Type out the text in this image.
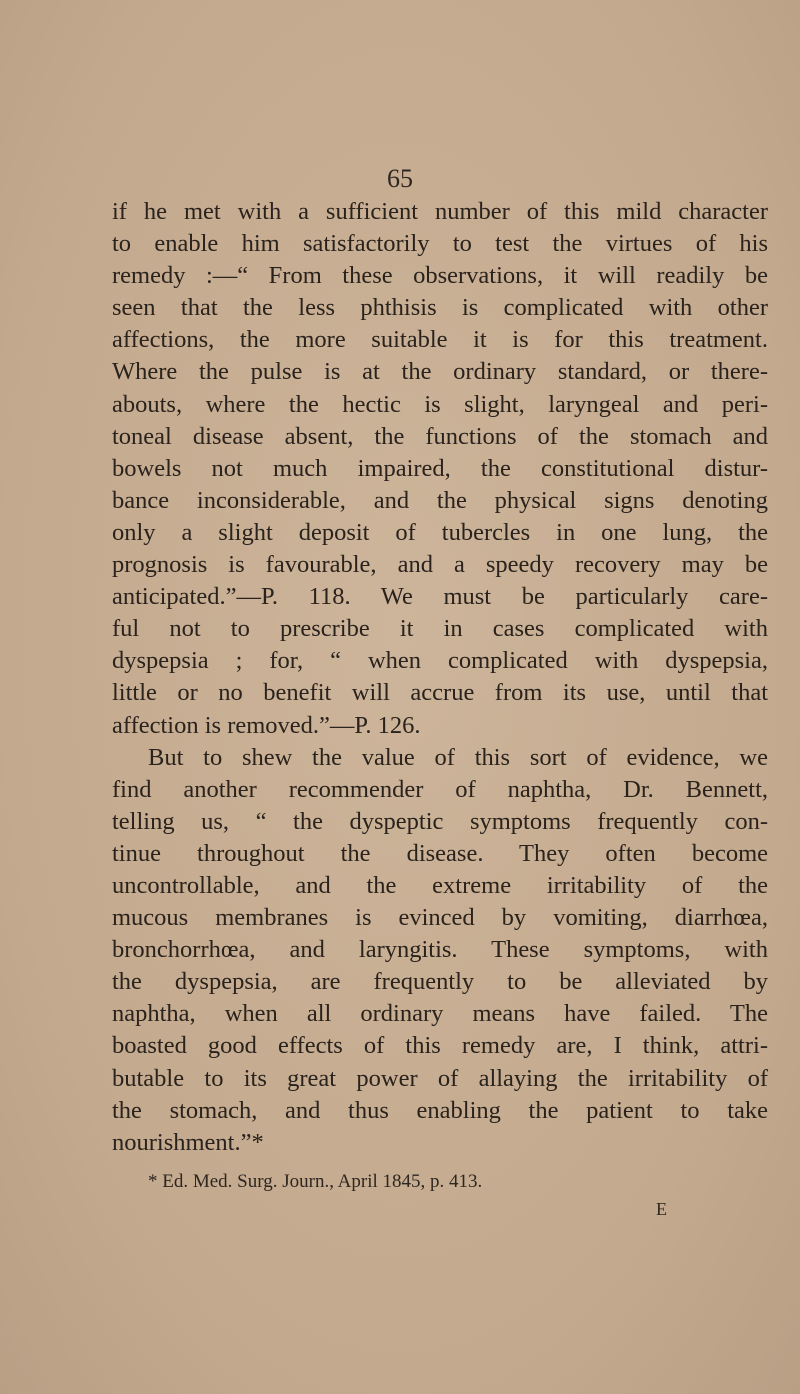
65
if he met with a sufficient number of this mild character
to enable him satisfactorily to test the virtues of his
remedy :—“ From these observations, it will readily be
seen that the less phthisis is complicated with other
affections, the more suitable it is for this treatment.
Where the pulse is at the ordinary standard, or there-
abouts, where the hectic is slight, laryngeal and peri-
toneal disease absent, the functions of the stomach and
bowels not much impaired, the constitutional distur-
bance inconsiderable, and the physical signs denoting
only a slight deposit of tubercles in one lung, the
prognosis is favourable, and a speedy recovery may be
anticipated.”—P. 118. We must be particularly care-
ful not to prescribe it in cases complicated with
dyspepsia ; for, “ when complicated with dyspepsia,
little or no benefit will accrue from its use, until that
affection is removed.”—P. 126.
But to shew the value of this sort of evidence, we
find another recommender of naphtha, Dr. Bennett,
telling us, “ the dyspeptic symptoms frequently con-
tinue throughout the disease. They often become
uncontrollable, and the extreme irritability of the
mucous membranes is evinced by vomiting, diarrhœa,
bronchorrhœa, and laryngitis. These symptoms, with
the dyspepsia, are frequently to be alleviated by
naphtha, when all ordinary means have failed. The
boasted good effects of this remedy are, I think, attri-
butable to its great power of allaying the irritability of
the stomach, and thus enabling the patient to take
nourishment.”*
* Ed. Med. Surg. Journ., April 1845, p. 413.
E
